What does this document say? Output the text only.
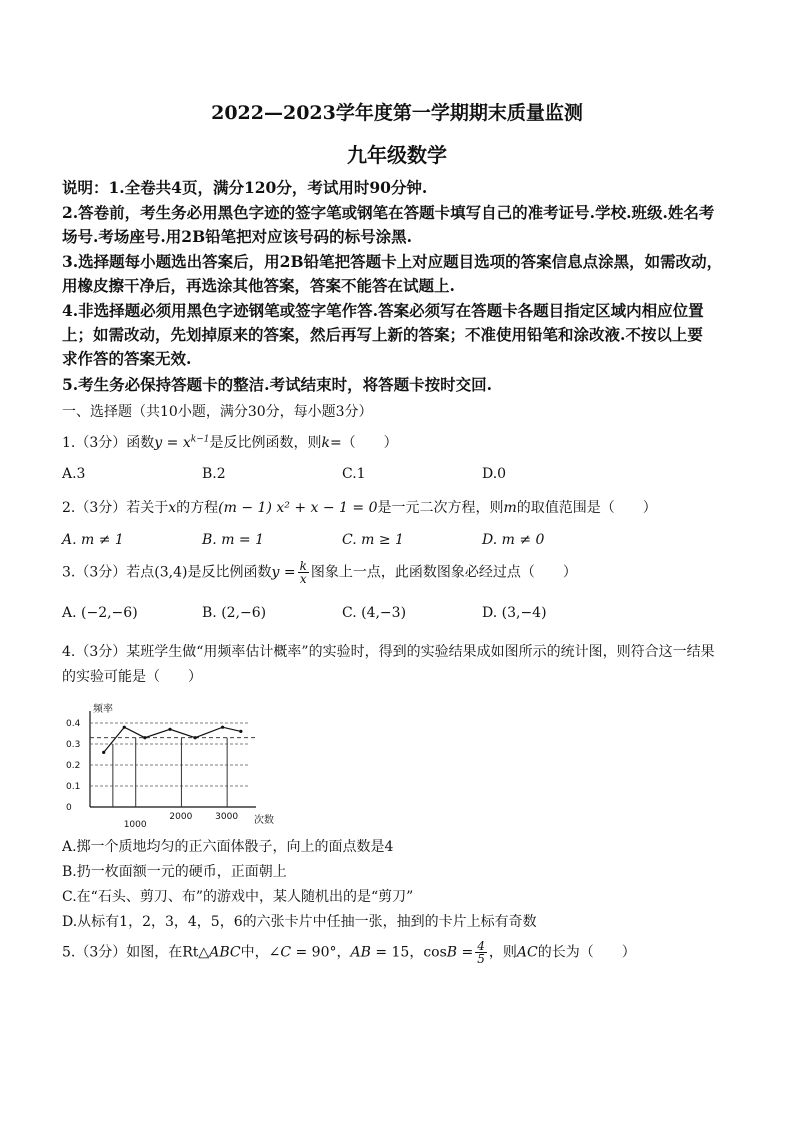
2022—2023学年度第一学期期末质量监测
九年级数学
说明：1.全卷共4页，满分120分，考试用时90分钟.
2.答卷前，考生务必用黑色字迹的签字笔或钢笔在答题卡填写自己的准考证号.学校.班级.姓名考
场号.考场座号.用2B铅笔把对应该号码的标号涂黑.
3.选择题每小题选出答案后，用2B铅笔把答题卡上对应题目选项的答案信息点涂黑，如需改动，
用橡皮擦干净后，再选涂其他答案，答案不能答在试题上.
4.非选择题必须用黑色字迹钢笔或签字笔作答.答案必须写在答题卡各题目指定区域内相应位置
上；如需改动，先划掉原来的答案，然后再写上新的答案；不准使用铅笔和涂改液.不按以上要
求作答的答案无效.
5.考生务必保持答题卡的整洁.考试结束时，将答题卡按时交回.
一、选择题（共10小题，满分30分，每小题3分）
1.（3分）函数$y = x^{k-1}$是反比例函数，则k=（　　）
A.3	B.2	C.1	D.0
2.（3分）若关于x的方程(m − 1) x² + x − 1 = 0是一元二次方程，则m的取值范围是（　　）
A. m ≠ 1	B. m = 1	C. m ≥ 1	D. m ≠ 0
3.（3分）若点(3,4)是反比例函数$y = \frac{k}{x}$ 图象上一点，此函数图象必经过点（　　）
A. (−2,−6)	B. (2,−6)	C. (4,−3)	D. (3,−4)
4.（3分）某班学生做“用频率估计概率”的实验时，得到的实验结果成如图所示的统计图，则符合这一结果
的实验可能是（　　）
0.4
0.3
0.2
0.1
0
1000
2000	3000
频率
次数
A.掷一个质地均匀的正六面体骰子，向上的面点数是4
B.扔一枚面额一元的硬币，正面朝上
C.在“石头、剪刀、布”的游戏中，某人随机出的是“剪刀”
D.从标有1，2，3，4，5，6的六张卡片中任抽一张，抽到的卡片上标有奇数
5.（3分）如图，在Rt△ABC中，∠C = 90°，AB = 15，$\cos B = \frac{4}{5}$ ，则AC的长为（　　）
